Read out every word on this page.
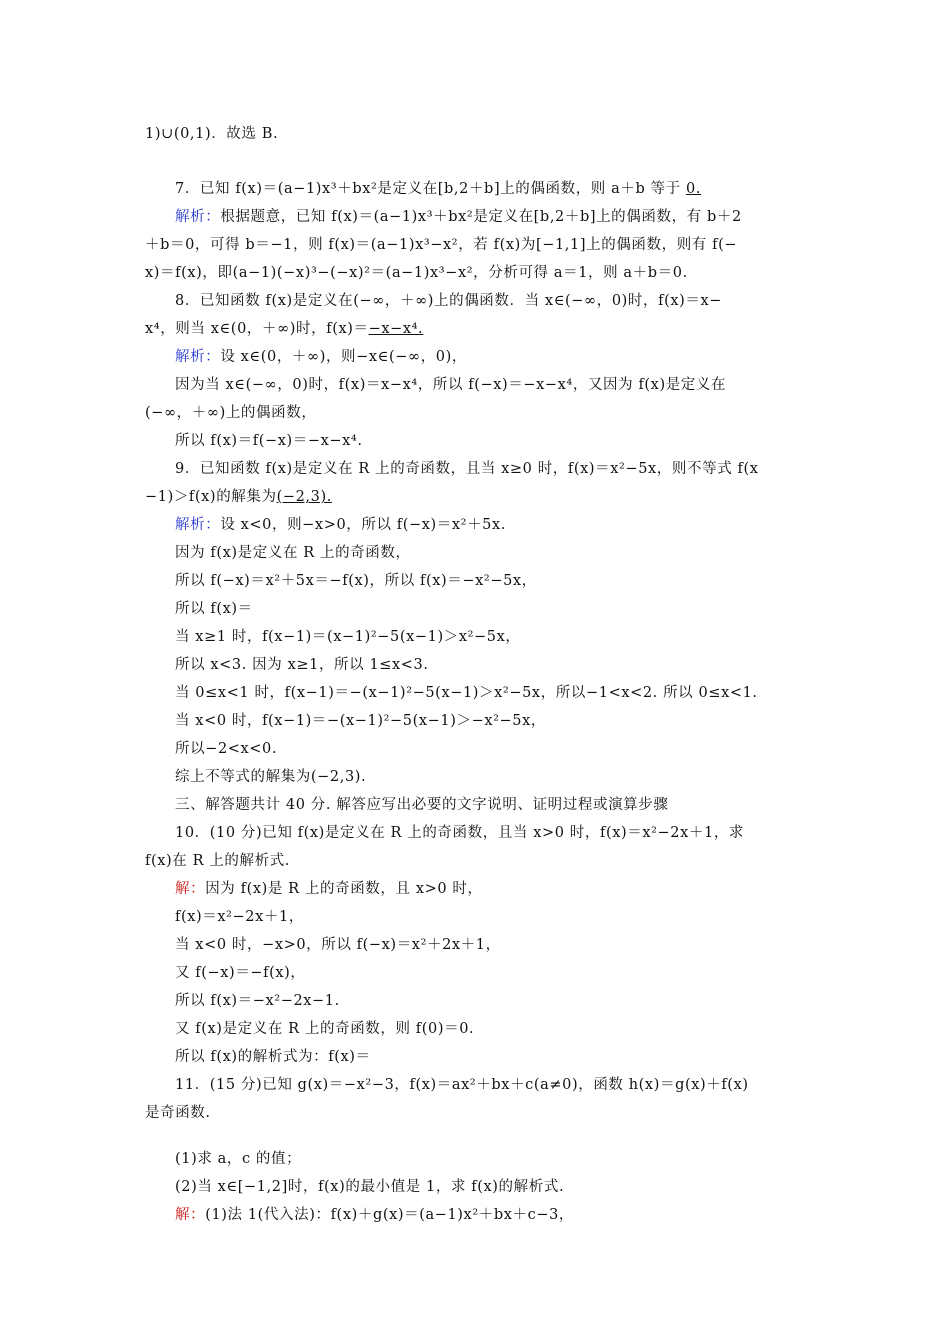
1)∪(0,1)．故选 B.
7．已知 f(x)＝(a−1)x³＋bx²是定义在[b,2＋b]上的偶函数，则 a＋b 等于 0.
解析：根据题意，已知 f(x)＝(a−1)x³＋bx²是定义在[b,2＋b]上的偶函数，有 b＋2
＋b＝0，可得 b＝−1，则 f(x)＝(a−1)x³−x²，若 f(x)为[−1,1]上的偶函数，则有 f(−
x)＝f(x)，即(a−1)(−x)³−(−x)²＝(a−1)x³−x²，分析可得 a＝1，则 a＋b＝0.
8．已知函数 f(x)是定义在(−∞，＋∞)上的偶函数．当 x∈(−∞，0)时，f(x)＝x−
x⁴，则当 x∈(0，＋∞)时，f(x)＝−x−x⁴.
解析：设 x∈(0，＋∞)，则−x∈(−∞，0)，
因为当 x∈(−∞，0)时，f(x)＝x−x⁴，所以 f(−x)＝−x−x⁴，又因为 f(x)是定义在
(−∞，＋∞)上的偶函数，
所以 f(x)＝f(−x)＝−x−x⁴.
9．已知函数 f(x)是定义在 R 上的奇函数，且当 x≥0 时，f(x)＝x²−5x，则不等式 f(x
−1)＞f(x)的解集为(−2,3).
解析：设 x<0，则−x>0，所以 f(−x)＝x²＋5x.
因为 f(x)是定义在 R 上的奇函数，
所以 f(−x)＝x²＋5x＝−f(x)，所以 f(x)＝−x²−5x，
所以 f(x)＝
当 x≥1 时，f(x−1)＝(x−1)²−5(x−1)＞x²−5x，
所以 x<3. 因为 x≥1，所以 1≤x<3.
当 0≤x<1 时，f(x−1)＝−(x−1)²−5(x−1)＞x²−5x，所以−1<x<2. 所以 0≤x<1.
当 x<0 时，f(x−1)＝−(x−1)²−5(x−1)＞−x²−5x，
所以−2<x<0.
综上不等式的解集为(−2,3).
三、解答题共计 40 分. 解答应写出必要的文字说明、证明过程或演算步骤
10．(10 分)已知 f(x)是定义在 R 上的奇函数，且当 x>0 时，f(x)＝x²−2x＋1，求
f(x)在 R 上的解析式.
解：因为 f(x)是 R 上的奇函数，且 x>0 时，
f(x)＝x²−2x＋1，
当 x<0 时，−x>0，所以 f(−x)＝x²＋2x＋1，
又 f(−x)＝−f(x)，
所以 f(x)＝−x²−2x−1.
又 f(x)是定义在 R 上的奇函数，则 f(0)＝0.
所以 f(x)的解析式为：f(x)＝
11．(15 分)已知 g(x)＝−x²−3，f(x)＝ax²＋bx＋c(a≠0)，函数 h(x)＝g(x)＋f(x)
是奇函数.
(1)求 a，c 的值；
(2)当 x∈[−1,2]时，f(x)的最小值是 1，求 f(x)的解析式.
解：(1)法 1(代入法)：f(x)＋g(x)＝(a−1)x²＋bx＋c−3，
